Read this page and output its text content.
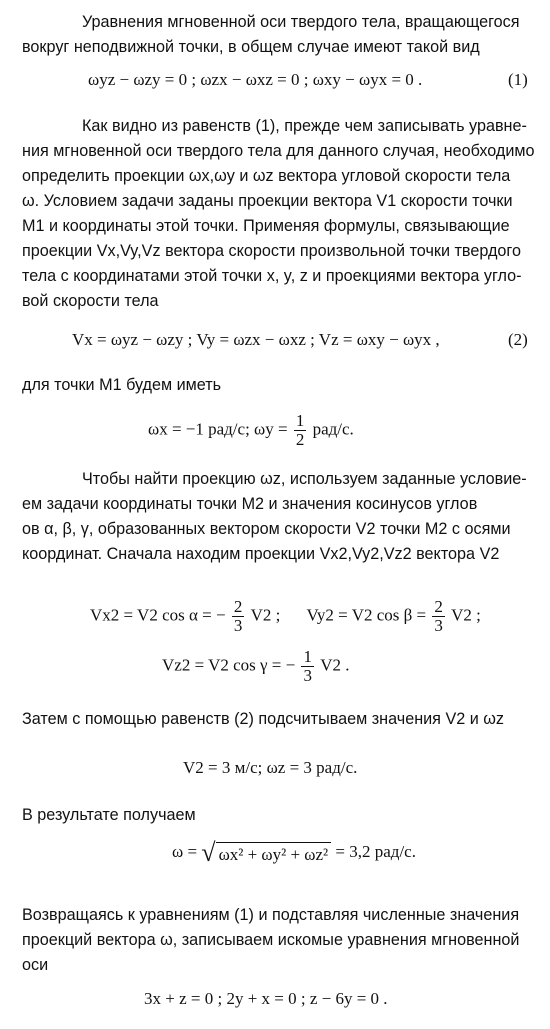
Уравнения мгновенной оси твердого тела, вращающегося
вокруг неподвижной точки, в общем случае имеют такой вид
ωyz − ωzy = 0 ; ωzx − ωxz = 0 ; ωxy − ωyx = 0 .	(1)
Как видно из равенств (1), прежде чем записывать уравне-
ния мгновенной оси твердого тела для данного случая, необходимо
определить проекции ωx,ωy и ωz вектора угловой скорости тела
ω. Условием задачи заданы проекции вектора V1 скорости точки
M1 и координаты этой точки. Применяя формулы, связывающие
проекции Vx,Vy,Vz вектора скорости произвольной точки твердого
тела с координатами этой точки x, y, z и проекциями вектора угло-
вой скорости тела
Vx = ωyz − ωzy ; Vy = ωzx − ωxz ; Vz = ωxy − ωyx ,	(2)
для точки M1 будем иметь
ωx = −1 рад/с; $\omega y = \frac{1}{2} рад/с$.
Чтобы найти проекцию ωz, используем заданные условие-
ем задачи координаты точки M2 и значения косинусов углов
ов α, β, γ, образованных вектором скорости V2 точки M2 с осями
координат. Сначала находим проекции Vx2,Vy2,Vz2 вектора V2
Vx2 = V2 cos α = − $\frac{2}{3} V2$ ; Vy2 = V2 $\cos \beta = \frac{2}{3} V2$ ;
Vz2 = V2 cos γ = − $\frac{1}{3} V2$ .
Затем с помощью равенств (2) подсчитываем значения V2 и ωz
V2 = 3 м/с; ωz = 3 рад/с.
В результате получаем
ω = √ ωx² + ωy² + ωz² = 3,2 рад/с.
Возвращаясь к уравнениям (1) и подставляя численные значения
проекций вектора ω, записываем искомые уравнения мгновенной
оси
3x + z = 0 ; 2y + x = 0 ; z − 6y = 0 .
